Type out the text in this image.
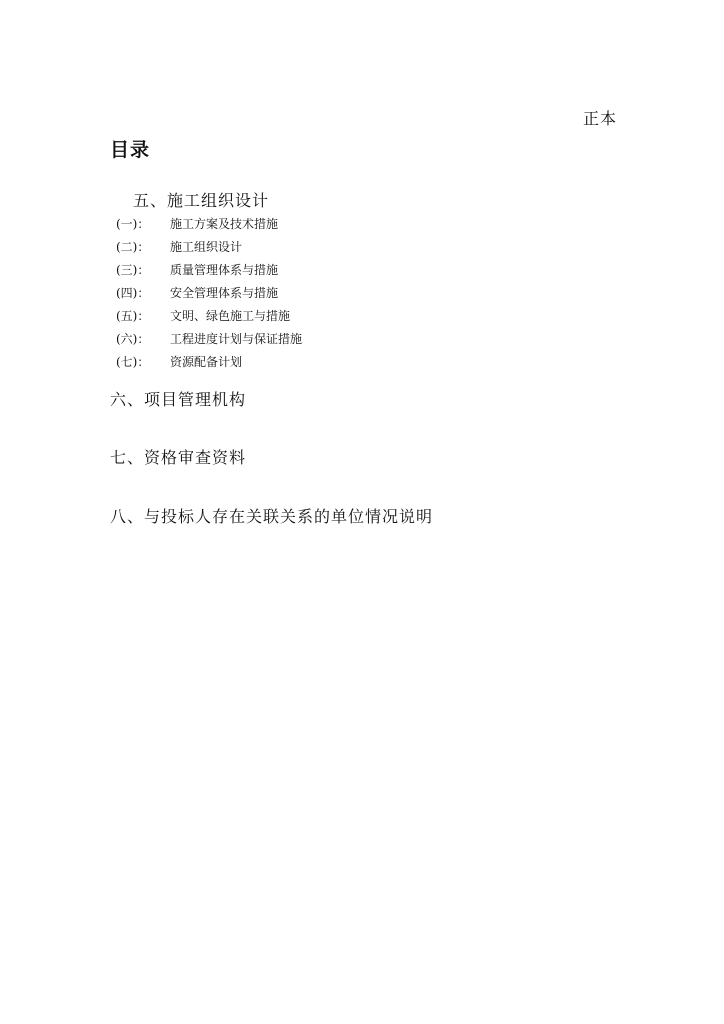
正本
目录
五、施工组织设计
(一)： 施工方案及技术措施
(二)： 施工组织设计
(三)： 质量管理体系与措施
(四)： 安全管理体系与措施
(五)： 文明、绿色施工与措施
(六)： 工程进度计划与保证措施
(七)： 资源配备计划
六、项目管理机构
七、资格审查资料
八、与投标人存在关联关系的单位情况说明
